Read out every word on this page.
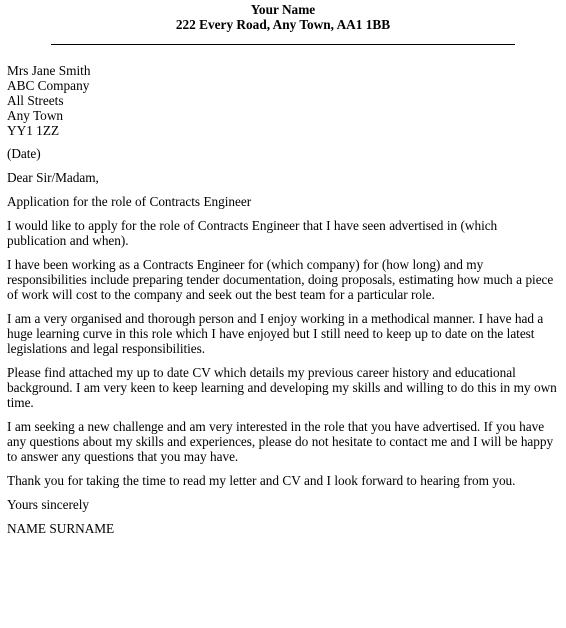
Your Name
222 Every Road, Any Town, AA1 1BB

Mrs Jane Smith

ABC Company

All Streets

Any Town

YY1 1ZZ

(Date)

Dear Sir/Madam,

Application for the role of Contracts Engineer

I would like to apply for the role of Contracts Engineer that I have seen advertised in (which publication and when).

I have been working as a Contracts Engineer for (which company) for (how long) and my responsibilities include preparing tender documentation, doing proposals, estimating how much a piece of work will cost to the company and seek out the best team for a particular role.

I am a very organised and thorough person and I enjoy working in a methodical manner. I have had a huge learning curve in this role which I have enjoyed but I still need to keep up to date on the latest legislations and legal responsibilities.

Please find attached my up to date CV which details my previous career history and educational background. I am very keen to keep learning and developing my skills and willing to do this in my own time.

I am seeking a new challenge and am very interested in the role that you have advertised. If you have any questions about my skills and experiences, please do not hesitate to contact me and I will be happy to answer any questions that you may have.

Thank you for taking the time to read my letter and CV and I look forward to hearing from you.

Yours sincerely

NAME SURNAME
